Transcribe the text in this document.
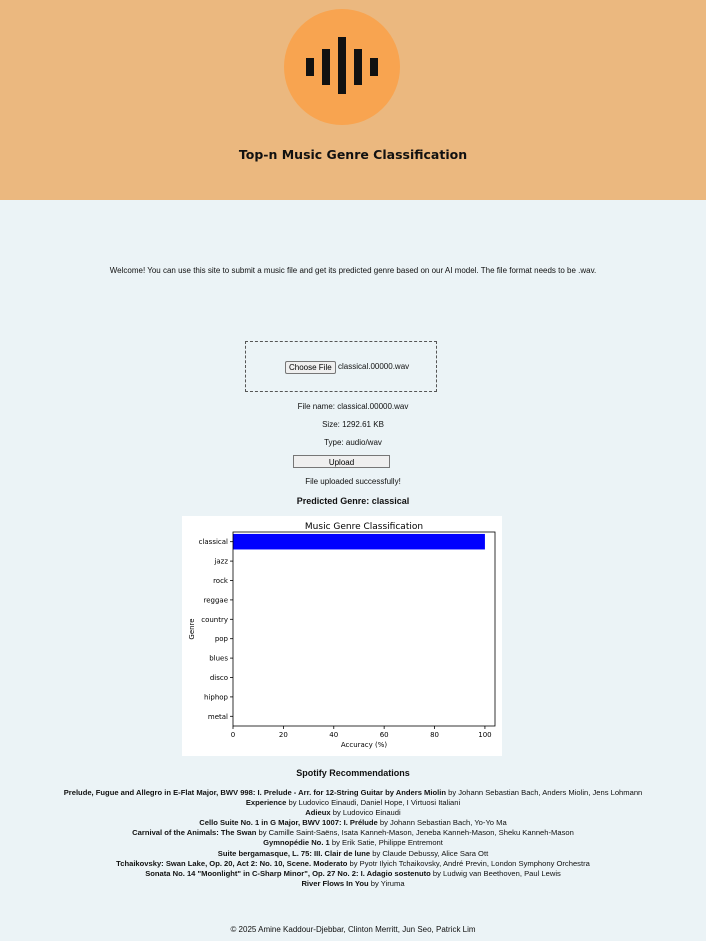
Top-n Music Genre Classification
Welcome! You can use this site to submit a music file and get its predicted genre based on our AI model. The file format needs to be .wav.
Choose File classical.00000.wav
File name: classical.00000.wav
Size: 1292.61 KB
Type: audio/wav
Upload
File uploaded successfully!
Predicted Genre: classical
Music Genre Classification
classical
jazz
rock
reggae
country
pop
blues
disco
hiphop
metal
0	20	40	60	80	100
Accuracy (%)
Genre
Spotify Recommendations
Prelude, Fugue and Allegro in E-Flat Major, BWV 998: I. Prelude - Arr. for 12-String Guitar by Anders Miolin by Johann Sebastian Bach, Anders Miolin, Jens Lohmann
Experience by Ludovico Einaudi, Daniel Hope, I Virtuosi Italiani
Adieux by Ludovico Einaudi
Cello Suite No. 1 in G Major, BWV 1007: I. Prélude by Johann Sebastian Bach, Yo-Yo Ma
Carnival of the Animals: The Swan by Camille Saint-Saëns, Isata Kanneh-Mason, Jeneba Kanneh-Mason, Sheku Kanneh-Mason
Gymnopédie No. 1 by Erik Satie, Philippe Entremont
Suite bergamasque, L. 75: III. Clair de lune by Claude Debussy, Alice Sara Ott
Tchaikovsky: Swan Lake, Op. 20, Act 2: No. 10, Scene. Moderato by Pyotr Ilyich Tchaikovsky, André Previn, London Symphony Orchestra
Sonata No. 14 "Moonlight" in C-Sharp Minor", Op. 27 No. 2: I. Adagio sostenuto by Ludwig van Beethoven, Paul Lewis
River Flows In You by Yiruma
© 2025 Amine Kaddour-Djebbar, Clinton Merritt, Jun Seo, Patrick Lim
